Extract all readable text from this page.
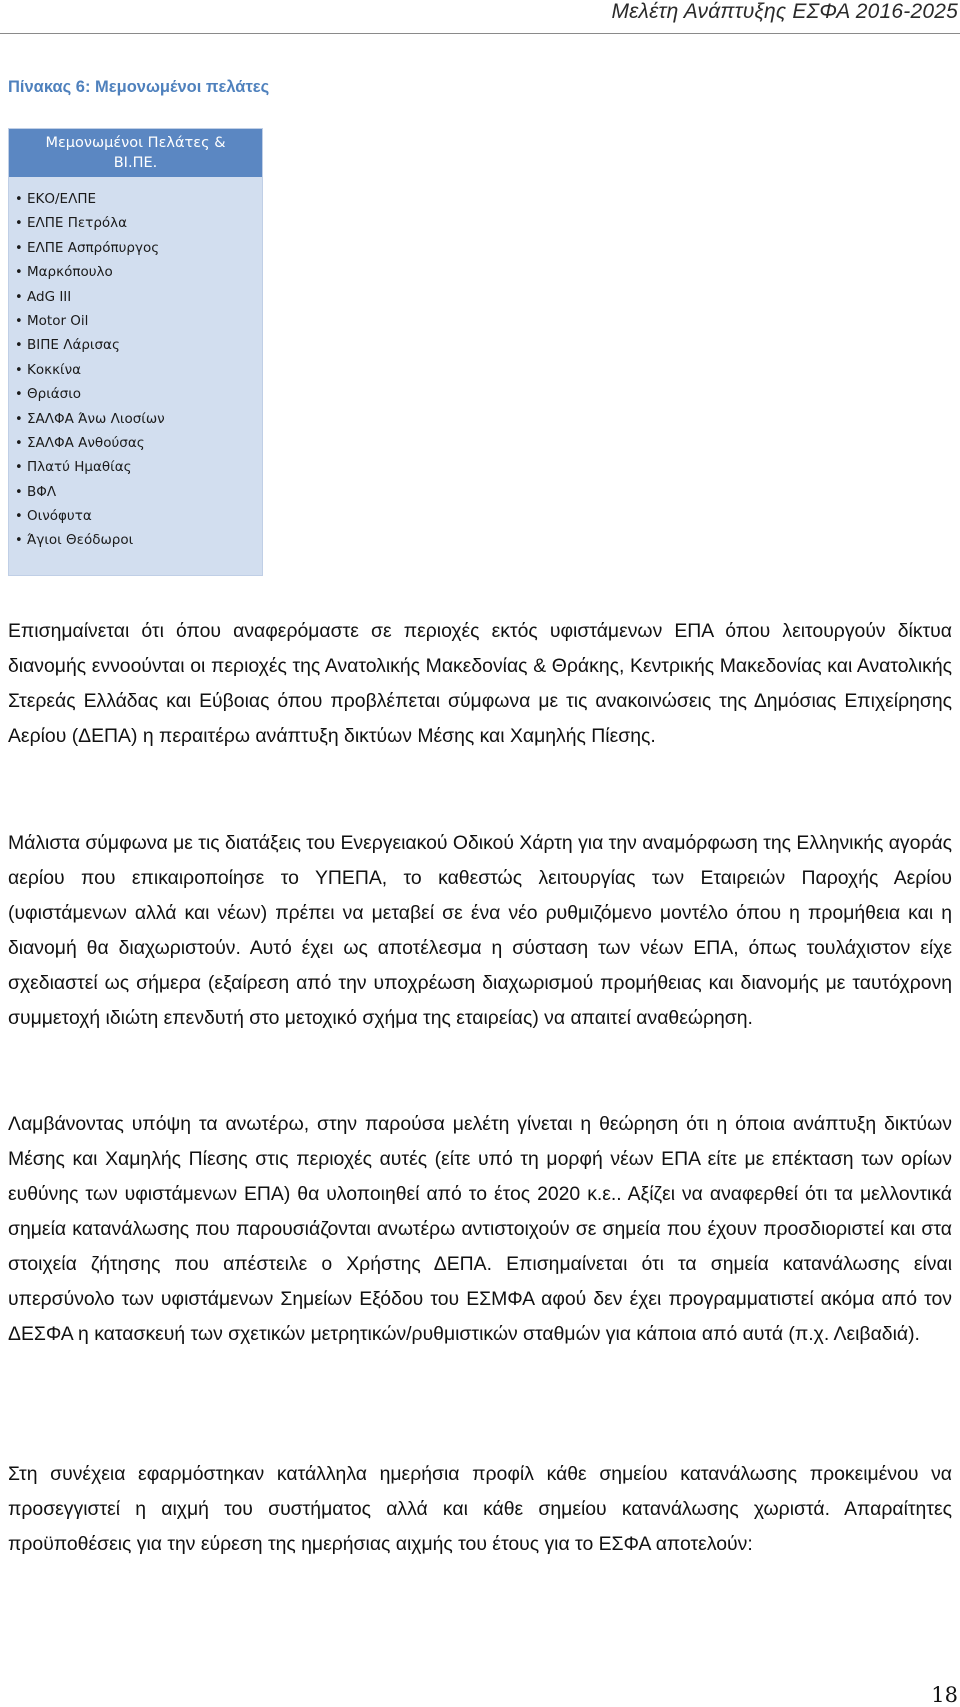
Μελέτη Ανάπτυξης ΕΣΦΑ 2016-2025
Πίνακας 6: Μεμονωμένοι πελάτες
Μεμονωμένοι Πελάτες &
ΒΙ.ΠΕ.
• ΕΚΟ/ΕΛΠΕ
• ΕΛΠΕ Πετρόλα
• ΕΛΠΕ Ασπρόπυργος
• Μαρκόπουλο
• AdG III
• Motor Oil
• ΒΙΠΕ Λάρισας
• Κοκκίνα
• Θριάσιο
• ΣΑΛΦΑ Άνω Λιοσίων
• ΣΑΛΦΑ Ανθούσας
• Πλατύ Ημαθίας
• ΒΦΛ
• Οινόφυτα
• Άγιοι Θεόδωροι

Επισημαίνεται ότι όπου αναφερόμαστε σε περιοχές εκτός υφιστάμενων ΕΠΑ όπου λειτουργούν δίκτυα διανομής εννοούνται οι περιοχές της Ανατολικής Μακεδονίας & Θράκης, Κεντρικής Μακεδονίας και Ανατολικής Στερεάς Ελλάδας και Εύβοιας όπου προβλέπεται σύμφωνα με τις ανακοινώσεις της Δημόσιας Επιχείρησης Αερίου (ΔΕΠΑ) η περαιτέρω ανάπτυξη δικτύων Μέσης και Χαμηλής Πίεσης.

Μάλιστα σύμφωνα με τις διατάξεις του Ενεργειακού Οδικού Χάρτη για την αναμόρφωση της Ελληνικής αγοράς αερίου που επικαιροποίησε το ΥΠΕΠΑ, το καθεστώς λειτουργίας των Εταιρειών Παροχής Αερίου (υφιστάμενων αλλά και νέων) πρέπει να μεταβεί σε ένα νέο ρυθμιζόμενο μοντέλο όπου η προμήθεια και η διανομή θα διαχωριστούν. Αυτό έχει ως αποτέλεσμα η σύσταση των νέων ΕΠΑ, όπως τουλάχιστον είχε σχεδιαστεί ως σήμερα (εξαίρεση από την υποχρέωση διαχωρισμού προμήθειας και διανομής με ταυτόχρονη συμμετοχή ιδιώτη επενδυτή στο μετοχικό σχήμα της εταιρείας) να απαιτεί αναθεώρηση.

Λαμβάνοντας υπόψη τα ανωτέρω, στην παρούσα μελέτη γίνεται η θεώρηση ότι η όποια ανάπτυξη δικτύων Μέσης και Χαμηλής Πίεσης στις περιοχές αυτές (είτε υπό τη μορφή νέων ΕΠΑ είτε με επέκταση των ορίων ευθύνης των υφιστάμενων ΕΠΑ) θα υλοποιηθεί από το έτος 2020 κ.ε.. Αξίζει να αναφερθεί ότι τα μελλοντικά σημεία κατανάλωσης που παρουσιάζονται ανωτέρω αντιστοιχούν σε σημεία που έχουν προσδιοριστεί και στα στοιχεία ζήτησης που απέστειλε ο Χρήστης ΔΕΠΑ. Επισημαίνεται ότι τα σημεία κατανάλωσης είναι υπερσύνολο των υφιστάμενων Σημείων Εξόδου του ΕΣΜΦΑ αφού δεν έχει προγραμματιστεί ακόμα από τον ΔΕΣΦΑ η κατασκευή των σχετικών μετρητικών/ρυθμιστικών σταθμών για κάποια από αυτά (π.χ. Λειβαδιά).

Στη συνέχεια εφαρμόστηκαν κατάλληλα ημερήσια προφίλ κάθε σημείου κατανάλωσης προκειμένου να προσεγγιστεί η αιχμή του συστήματος αλλά και κάθε σημείου κατανάλωσης χωριστά. Απαραίτητες προϋποθέσεις για την εύρεση της ημερήσιας αιχμής του έτους για το ΕΣΦΑ αποτελούν:

18
